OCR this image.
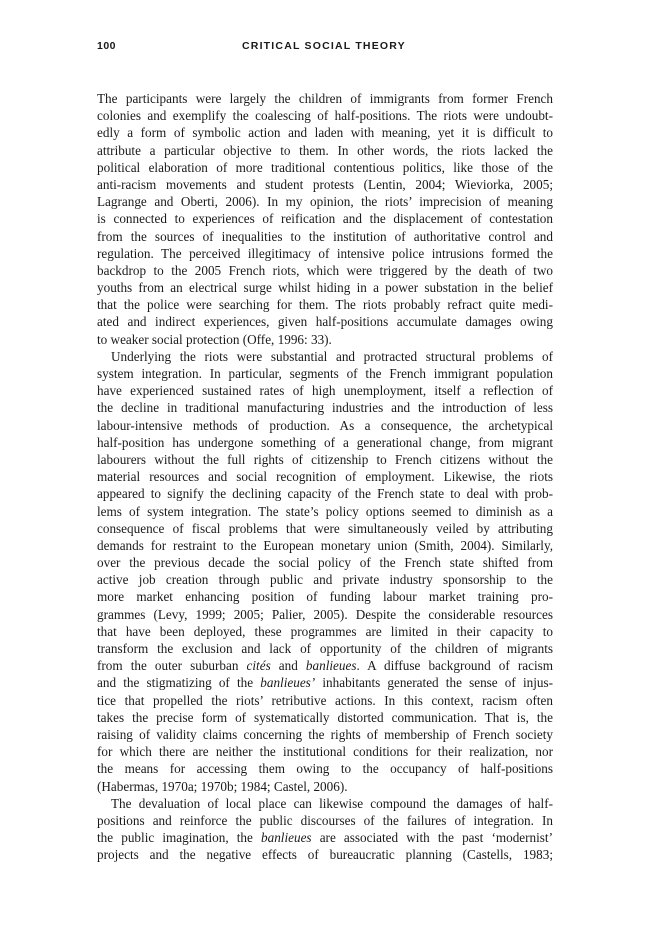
100	CRITICAL SOCIAL THEORY
The participants were largely the children of immigrants from former French
colonies and exemplify the coalescing of half-positions. The riots were undoubt-
edly a form of symbolic action and laden with meaning, yet it is difficult to
attribute a particular objective to them. In other words, the riots lacked the
political elaboration of more traditional contentious politics, like those of the
anti-racism movements and student protests (Lentin, 2004; Wieviorka, 2005;
Lagrange and Oberti, 2006). In my opinion, the riots’ imprecision of meaning
is connected to experiences of reification and the displacement of contestation
from the sources of inequalities to the institution of authoritative control and
regulation. The perceived illegitimacy of intensive police intrusions formed the
backdrop to the 2005 French riots, which were triggered by the death of two
youths from an electrical surge whilst hiding in a power substation in the belief
that the police were searching for them. The riots probably refract quite medi-
ated and indirect experiences, given half-positions accumulate damages owing
to weaker social protection (Offe, 1996: 33).
Underlying the riots were substantial and protracted structural problems of
system integration. In particular, segments of the French immigrant population
have experienced sustained rates of high unemployment, itself a reflection of
the decline in traditional manufacturing industries and the introduction of less
labour-intensive methods of production. As a consequence, the archetypical
half-position has undergone something of a generational change, from migrant
labourers without the full rights of citizenship to French citizens without the
material resources and social recognition of employment. Likewise, the riots
appeared to signify the declining capacity of the French state to deal with prob-
lems of system integration. The state’s policy options seemed to diminish as a
consequence of fiscal problems that were simultaneously veiled by attributing
demands for restraint to the European monetary union (Smith, 2004). Similarly,
over the previous decade the social policy of the French state shifted from
active job creation through public and private industry sponsorship to the
more market enhancing position of funding labour market training pro-
grammes (Levy, 1999; 2005; Palier, 2005). Despite the considerable resources
that have been deployed, these programmes are limited in their capacity to
transform the exclusion and lack of opportunity of the children of migrants
from the outer suburban cités and banlieues. A diffuse background of racism
and the stigmatizing of the banlieues’ inhabitants generated the sense of injus-
tice that propelled the riots’ retributive actions. In this context, racism often
takes the precise form of systematically distorted communication. That is, the
raising of validity claims concerning the rights of membership of French society
for which there are neither the institutional conditions for their realization, nor
the means for accessing them owing to the occupancy of half-positions
(Habermas, 1970a; 1970b; 1984; Castel, 2006).
The devaluation of local place can likewise compound the damages of half-
positions and reinforce the public discourses of the failures of integration. In
the public imagination, the banlieues are associated with the past ‘modernist’
projects and the negative effects of bureaucratic planning (Castells, 1983;
